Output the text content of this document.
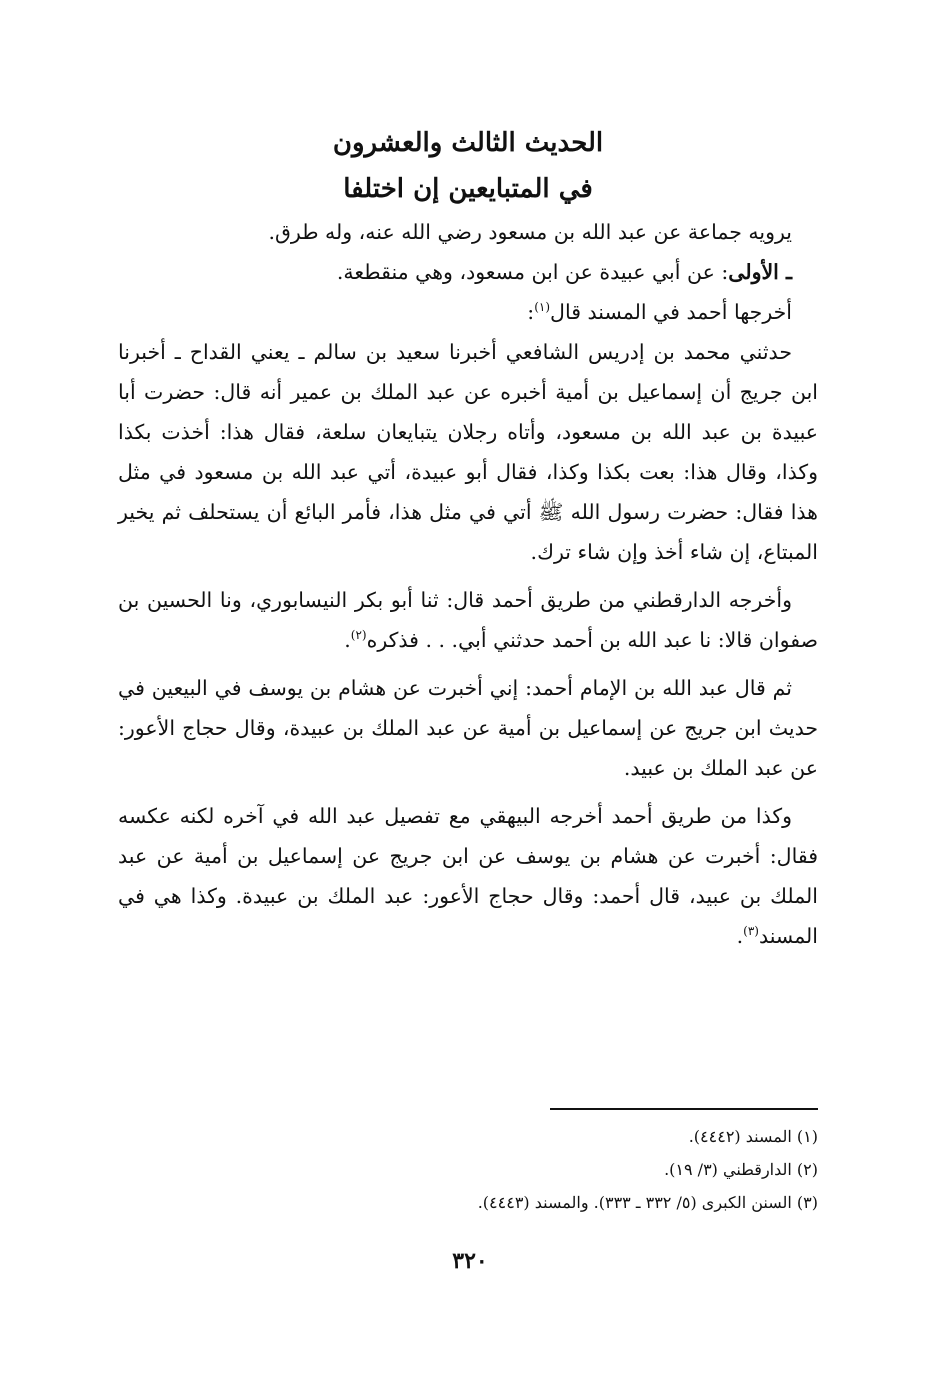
الحديث الثالث والعشرون
في المتبايعين إن اختلفا

يرويه جماعة عن عبد الله بن مسعود رضي الله عنه، وله طرق.

ـ الأولى: عن أبي عبيدة عن ابن مسعود، وهي منقطعة.

أخرجها أحمد في المسند قال$^{(١)}$:

حدثني محمد بن إدريس الشافعي أخبرنا سعيد بن سالم ـ يعني القداح ـ أخبرنا ابن جريج أن إسماعيل بن أمية أخبره عن عبد الملك بن عمير أنه قال: حضرت أبا عبيدة بن عبد الله بن مسعود، وأتاه رجلان يتبايعان سلعة، فقال هذا: أخذت بكذا وكذا، وقال هذا: بعت بكذا وكذا، فقال أبو عبيدة، أتي عبد الله بن مسعود في مثل هذا فقال: حضرت رسول الله ﷺ أتي في مثل هذا، فأمر البائع أن يستحلف ثم يخير المبتاع، إن شاء أخذ وإن شاء ترك.

وأخرجه الدارقطني من طريق أحمد قال: ثنا أبو بكر النيسابوري، ونا الحسين بن صفوان قالا: نا عبد الله بن أحمد حدثني أبي. . . فذكره$^{(٢)}$.

ثم قال عبد الله بن الإمام أحمد: إني أخبرت عن هشام بن يوسف في البيعين في حديث ابن جريج عن إسماعيل بن أمية عن عبد الملك بن عبيدة، وقال حجاج الأعور: عن عبد الملك بن عبيد.

وكذا من طريق أحمد أخرجه البيهقي مع تفصيل عبد الله في آخره لكنه عكسه فقال: أخبرت عن هشام بن يوسف عن ابن جريج عن إسماعيل بن أمية عن عبد الملك بن عبيد، قال أحمد: وقال حجاج الأعور: عبد الملك بن عبيدة. وكذا هي في المسند$^{(٣)}$.

(١) المسند (٤٤٤٢).

(٢) الدارقطني (٣/ ١٩).

(٣) السنن الكبرى (٥/ ٣٣٢ ـ ٣٣٣). والمسند (٤٤٤٣).

٣٢٠
